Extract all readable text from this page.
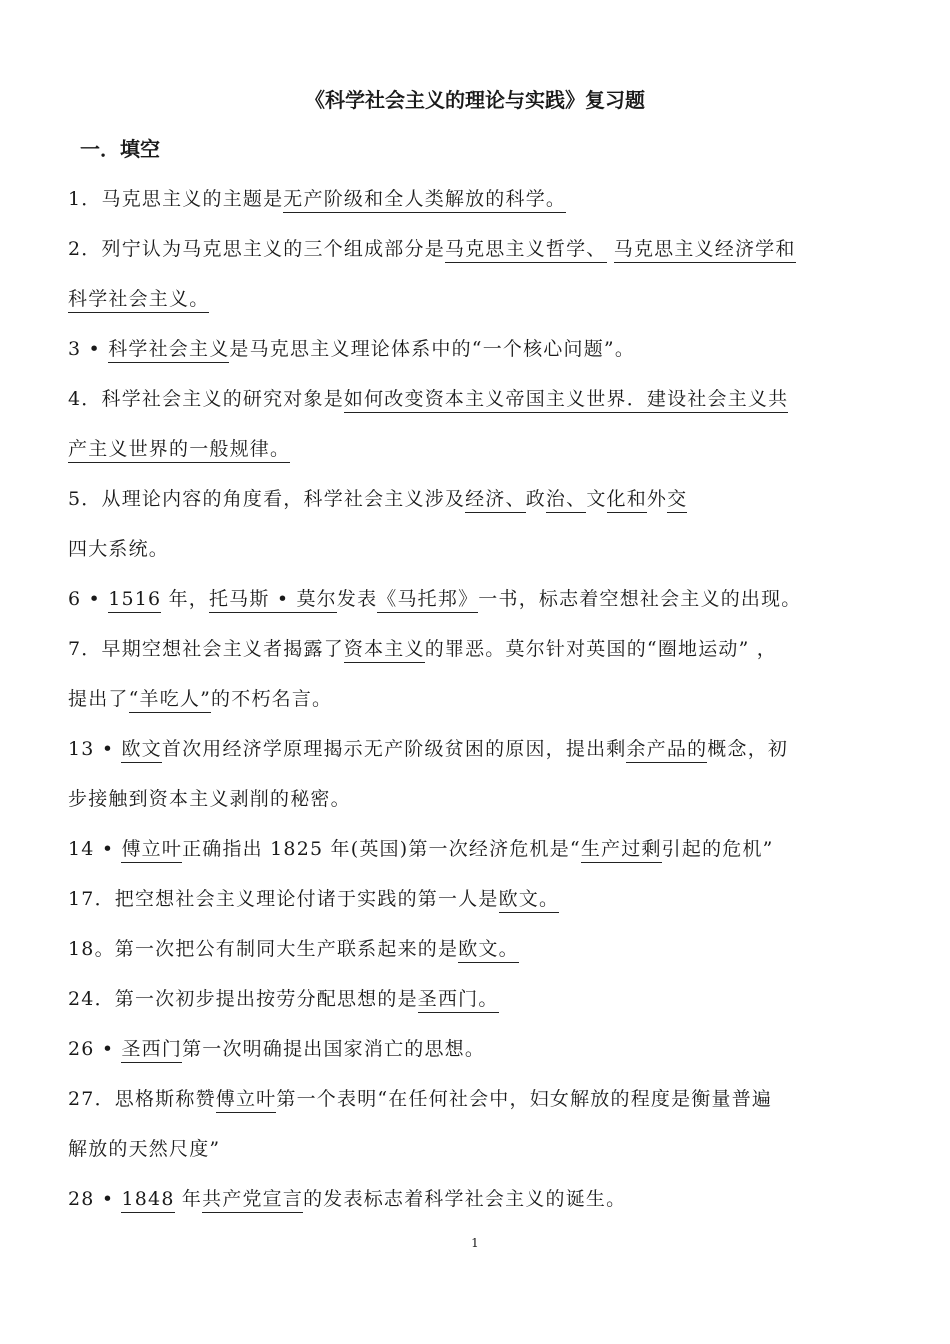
《科学社会主义的理论与实践》复习题
一．填空
1．马克思主义的主题是无产阶级和全人类解放的科学。
2．列宁认为马克思主义的三个组成部分是马克思主义哲学、 马克思主义经济学和
科学社会主义。
3 • 科学社会主义是马克思主义理论体系中的“一个核心问题”。
4．科学社会主义的研究对象是如何改变资本主义帝国主义世界．建设社会主义共
产主义世界的一般规律。
5．从理论内容的角度看，科学社会主义涉及经济、政治、文化和外交
四大系统。
6 • 1516 年，托马斯 • 莫尔发表《马托邦》一书，标志着空想社会主义的出现。
7．早期空想社会主义者揭露了资本主义的罪恶。莫尔针对英国的“圈地运动” ，
提出了“羊吃人”的不朽名言。
13 • 欧文首次用经济学原理揭示无产阶级贫困的原因，提出剩余产品的概念，初
步接触到资本主义剥削的秘密。
14 • 傅立叶正确指出 1825 年(英国)第一次经济危机是“生产过剩引起的危机”
17．把空想社会主义理论付诸于实践的第一人是欧文。
18。第一次把公有制同大生产联系起来的是欧文。
24．第一次初步提出按劳分配思想的是圣西门。
26 • 圣西门第一次明确提出国家消亡的思想。
27．思格斯称赞傅立叶第一个表明“在任何社会中，妇女解放的程度是衡量普遍
解放的天然尺度”
28 • 1848 年共产党宣言的发表标志着科学社会主义的诞生。
1
